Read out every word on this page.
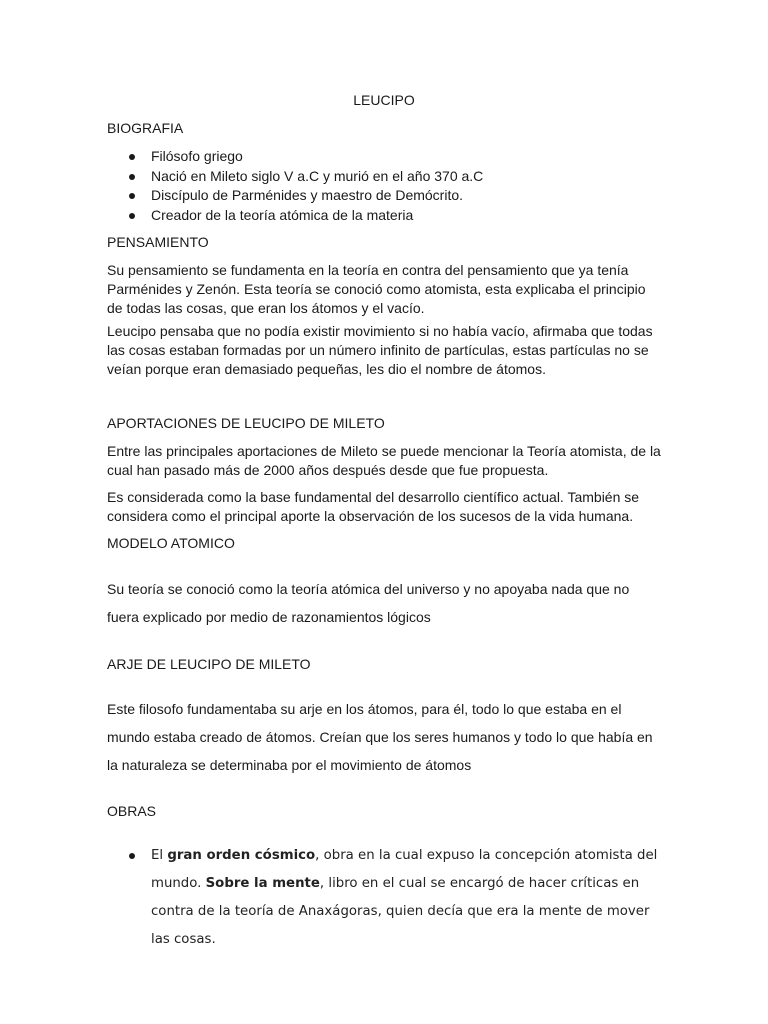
LEUCIPO

BIOGRAFIA

Filósofo griego
Nació en Mileto siglo V a.C y murió en el año 370 a.C
Discípulo de Parménides y maestro de Demócrito.
Creador de la teoría atómica de la materia

PENSAMIENTO

Su pensamiento se fundamenta en la teoría en contra del pensamiento que ya tenía Parménides y Zenón. Esta teoría se conoció como atomista, esta explicaba el principio de todas las cosas, que eran los átomos y el vacío.

Leucipo pensaba que no podía existir movimiento si no había vacío, afirmaba que todas las cosas estaban formadas por un número infinito de partículas, estas partículas no se veían porque eran demasiado pequeñas, les dio el nombre de átomos.

APORTACIONES DE LEUCIPO DE MILETO

Entre las principales aportaciones de Mileto se puede mencionar la Teoría atomista, de la cual han pasado más de 2000 años después desde que fue propuesta.

Es considerada como la base fundamental del desarrollo científico actual. También se considera como el principal aporte la observación de los sucesos de la vida humana.

MODELO ATOMICO

Su teoría se conoció como la teoría atómica del universo y no apoyaba nada que no fuera explicado por medio de razonamientos lógicos

ARJE DE LEUCIPO DE MILETO

Este filosofo fundamentaba su arje en los átomos, para él, todo lo que estaba en el mundo estaba creado de átomos. Creían que los seres humanos y todo lo que había en la naturaleza se determinaba por el movimiento de átomos

OBRAS

El gran orden cósmico, obra en la cual expuso la concepción atomista del mundo. Sobre la mente, libro en el cual se encargó de hacer críticas en contra de la teoría de Anaxágoras, quien decía que era la mente de mover las cosas.
